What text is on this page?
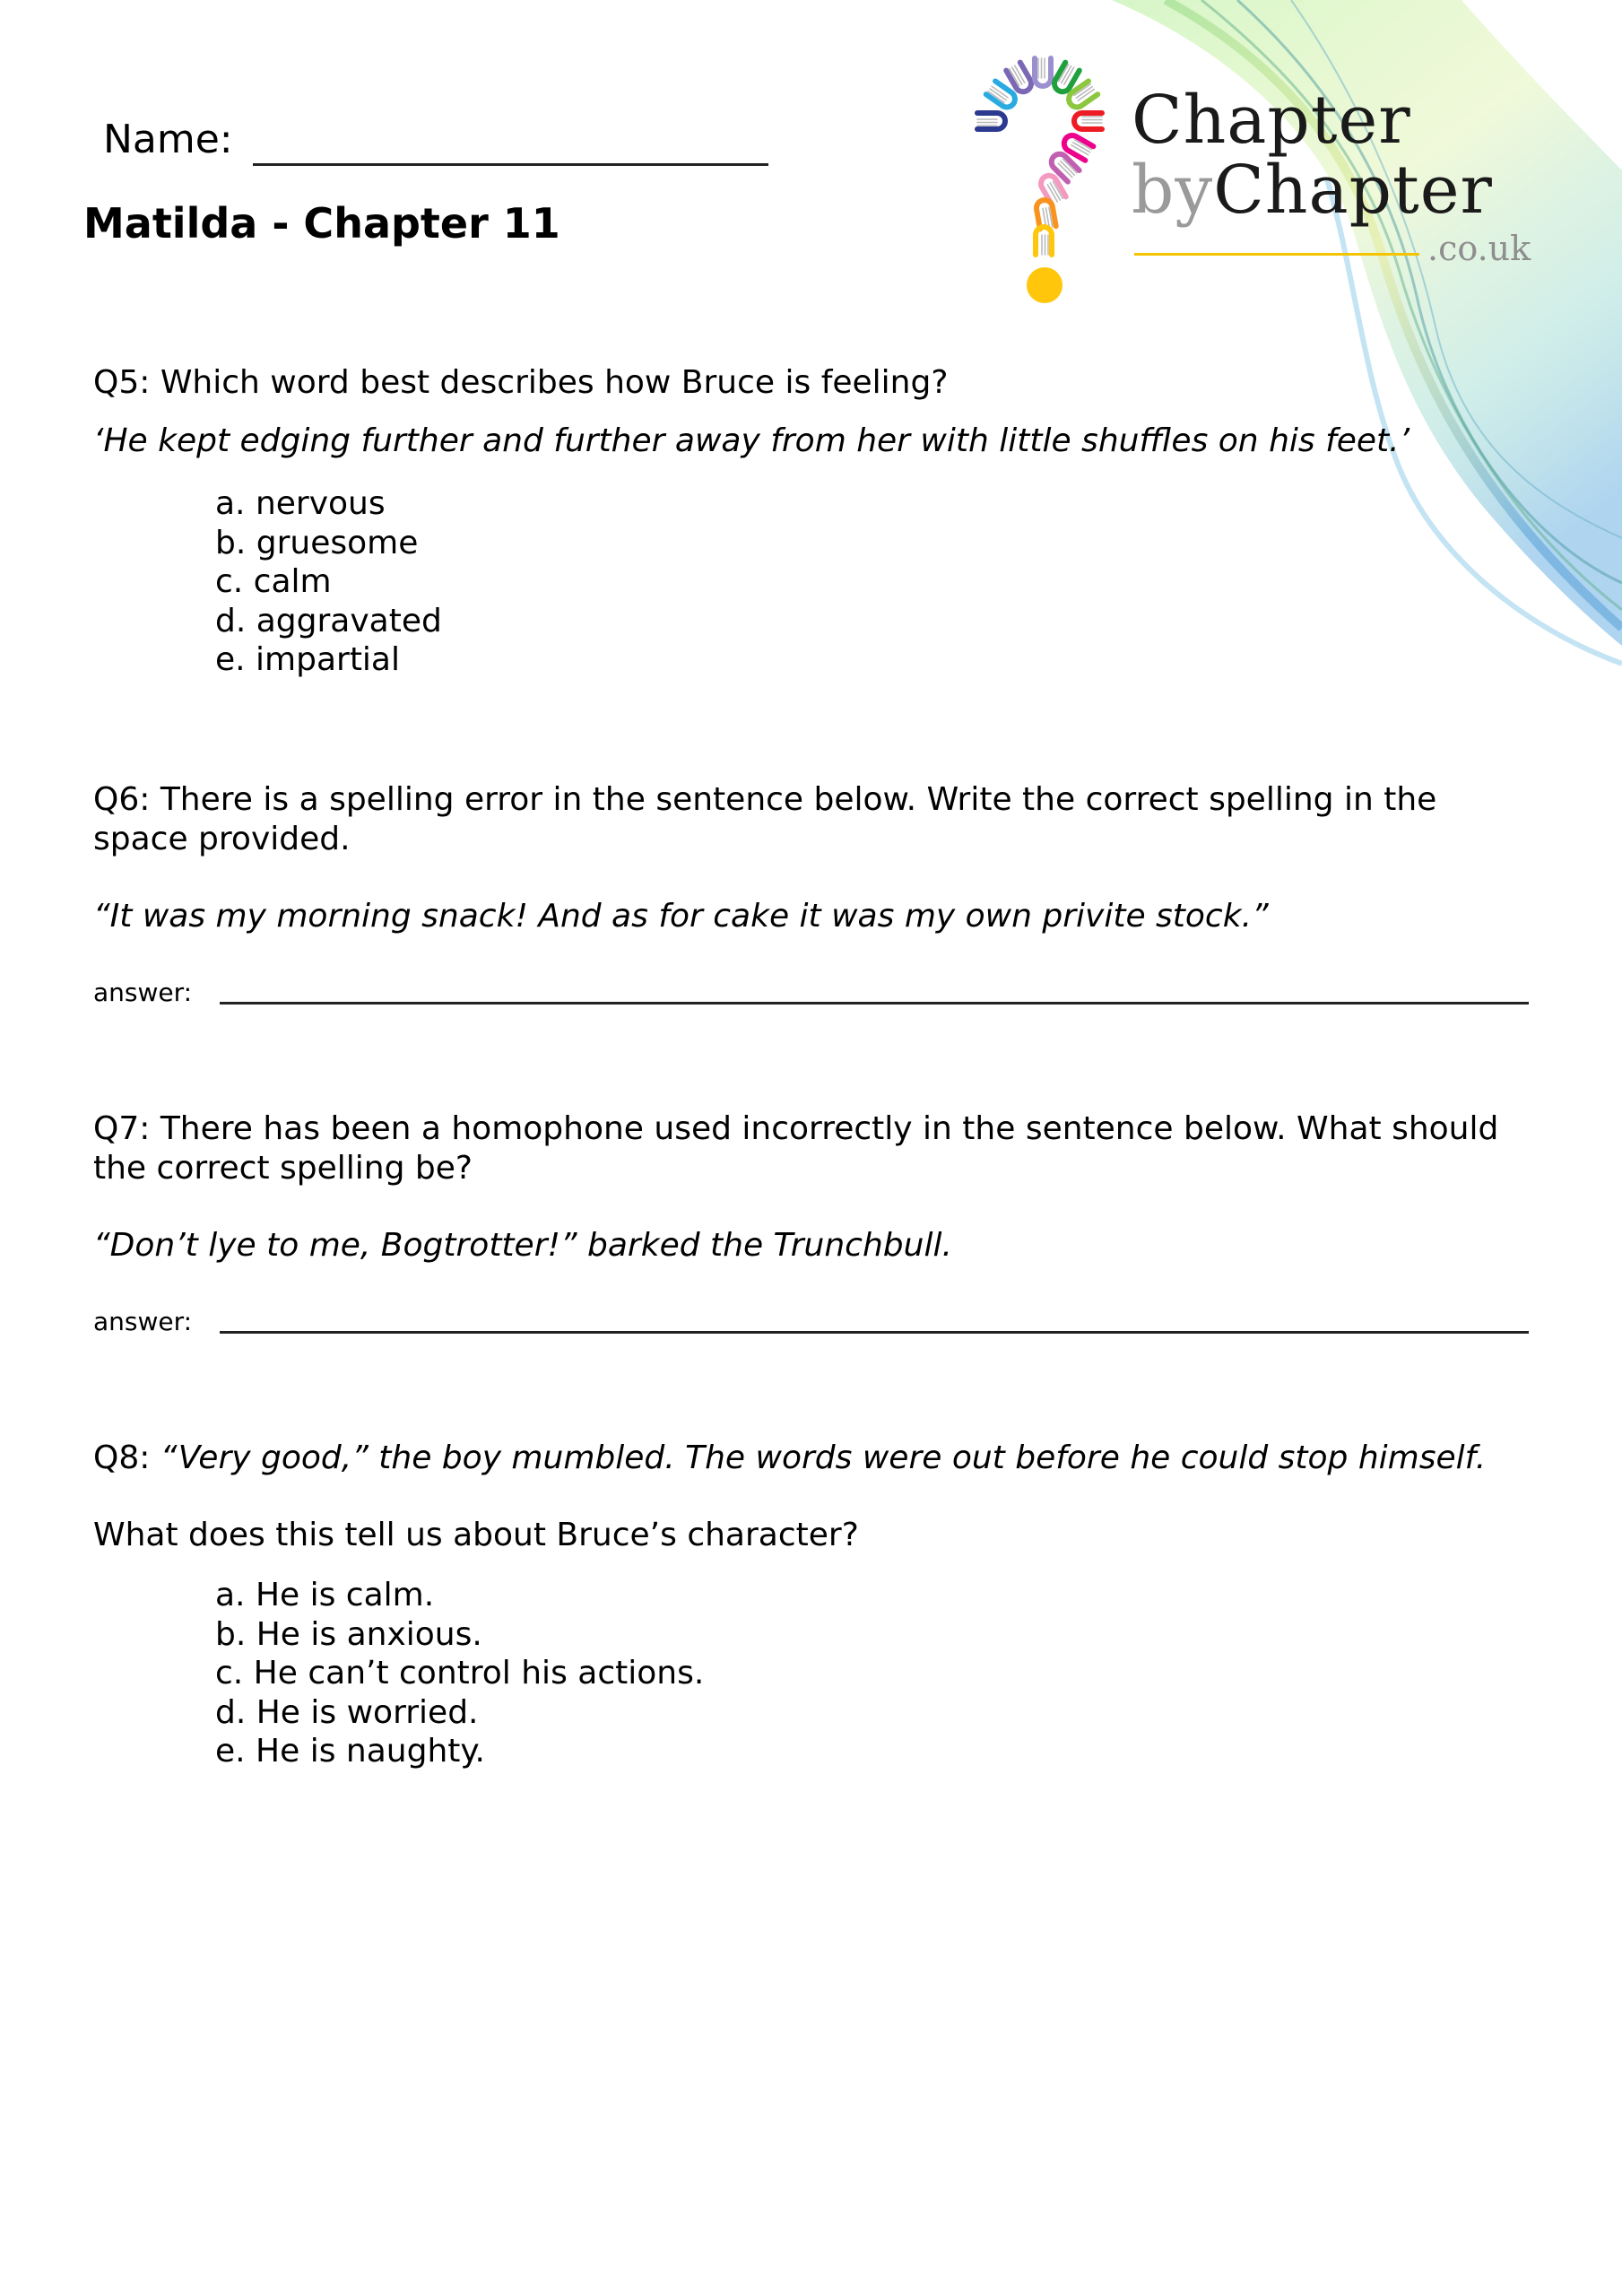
Name:
Matilda - Chapter 11
Chapter
byChapter
.co.uk
Q5: Which word best describes how Bruce is feeling?
‘He kept edging further and further away from her with little shuffles on his feet.’
a. nervous
b. gruesome
c. calm
d. aggravated
e. impartial
Q6: There is a spelling error in the sentence below. Write the correct spelling in the
space provided.
“It was my morning snack! And as for cake it was my own privite stock.”
answer:
Q7: There has been a homophone used incorrectly in the sentence below. What should
the correct spelling be?
“Don’t lye to me, Bogtrotter!” barked the Trunchbull.
answer:
Q8: “Very good,” the boy mumbled. The words were out before he could stop himself.
What does this tell us about Bruce’s character?
a. He is calm.
b. He is anxious.
c. He can’t control his actions.
d. He is worried.
e. He is naughty.
